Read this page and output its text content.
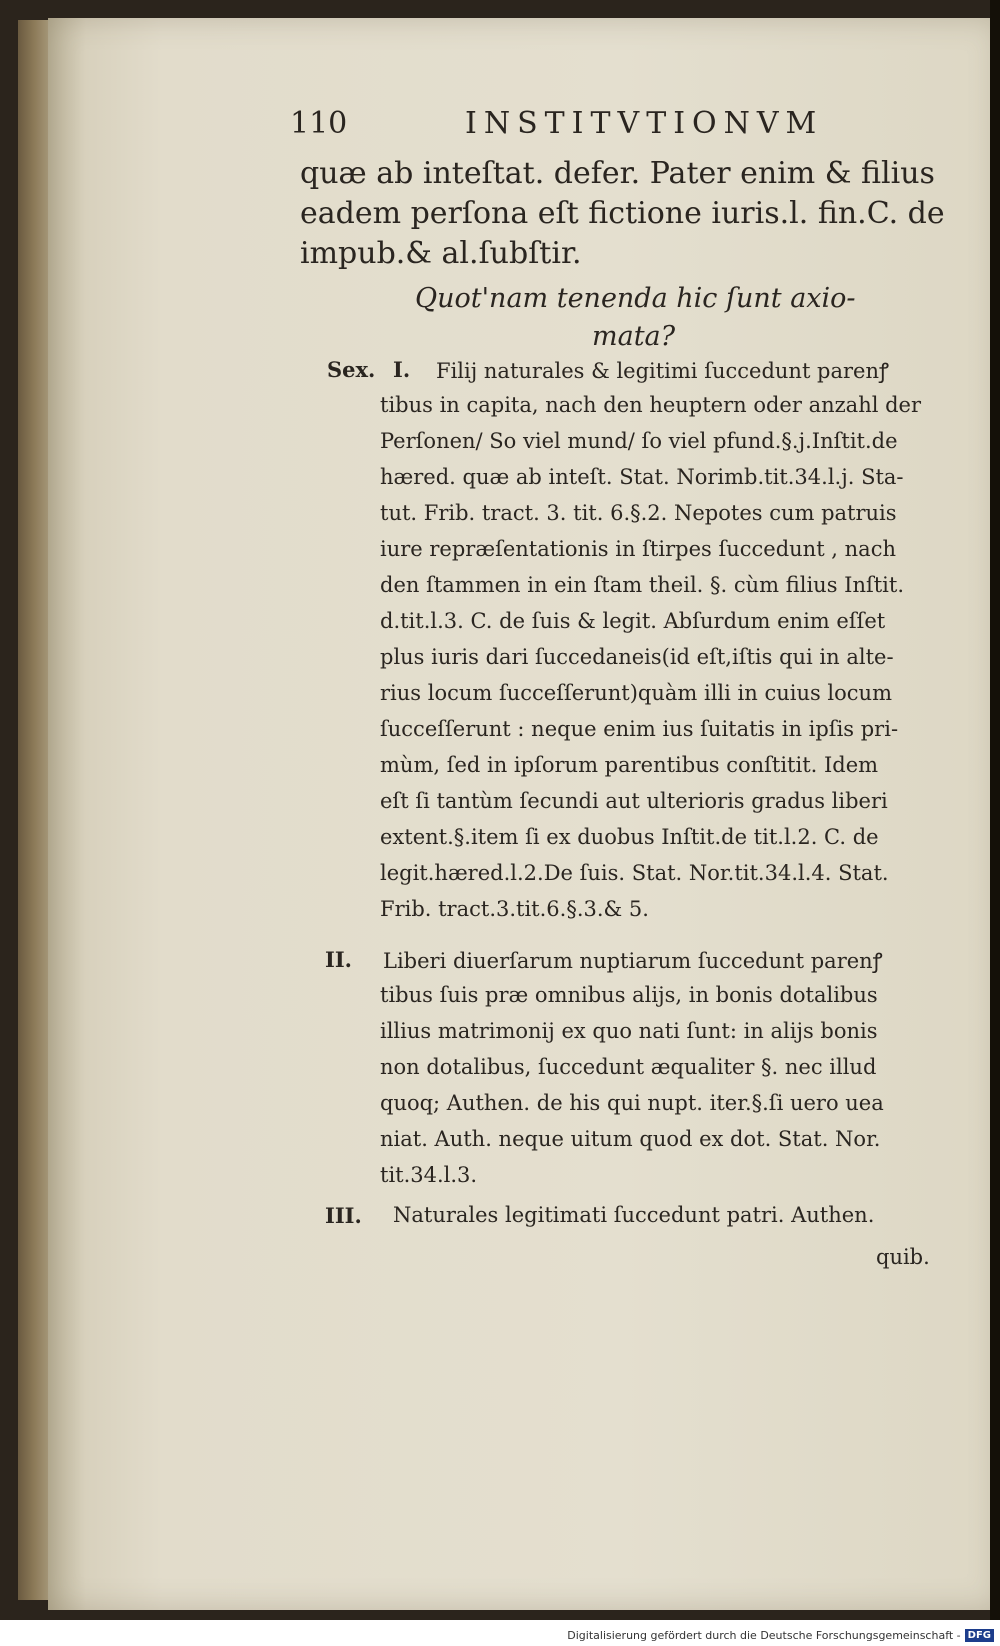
110	INSTITVTIONVM
quæ ab inteſtat. defer. Pater enim & filius
eadem perſona eſt fictione iuris.l. fin.C. de
impub.& al.ſubſtir.
Quot'nam tenenda hic ſunt axio-
mata?
Sex. I. Filij naturales & legitimi ſuccedunt parenꝭ
tibus in capita, nach den heuptern oder anzahl der
Perſonen/ So viel mund/ ſo viel pfund.§.j.Inſtit.de
hæred. quæ ab inteſt. Stat. Norimb.tit.34.l.j. Sta-
tut. Frib. tract. 3. tit. 6.§.2. Nepotes cum patruis
iure repræſentationis in ſtirpes ſuccedunt , nach
den ſtammen in ein ſtam theil. §. cùm filius Inſtit.
d.tit.l.3. C. de ſuis & legit. Abſurdum enim eſſet
plus iuris dari ſuccedaneis(id eſt,iſtis qui in alte-
rius locum ſucceſſerunt)quàm illi in cuius locum
ſucceſſerunt : neque enim ius ſuitatis in ipſis pri-
mùm, ſed in ipſorum parentibus conſtitit. Idem
eſt ſi tantùm ſecundi aut ulterioris gradus liberi
extent.§.item ſi ex duobus Inſtit.de tit.l.2. C. de
legit.hæred.l.2.De ſuis. Stat. Nor.tit.34.l.4. Stat.
Frib. tract.3.tit.6.§.3.& 5.
II. Liberi diuerſarum nuptiarum ſuccedunt parenꝭ
tibus ſuis præ omnibus alijs, in bonis dotalibus
illius matrimonij ex quo nati ſunt: in alijs bonis
non dotalibus, ſuccedunt æqualiter §. nec illud
quoq; Authen. de his qui nupt. iter.§.ſi uero uea
niat. Auth. neque uitum quod ex dot. Stat. Nor.
tit.34.l.3.
III. Naturales legitimati ſuccedunt patri. Authen.
quib.
Digitalisierung gefördert durch die Deutsche Forschungsgemeinschaft - DFG
